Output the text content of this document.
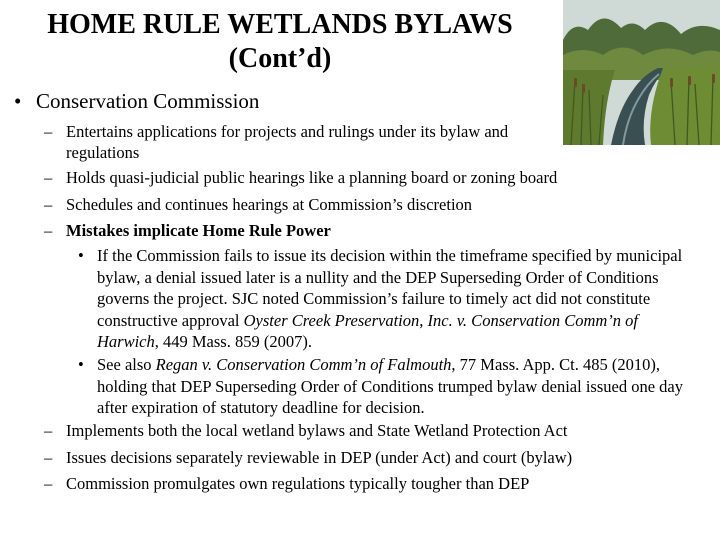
HOME RULE WETLANDS BYLAWS
(Cont’d)
• Conservation Commission
– Entertains applications for projects and rulings under its bylaw and regulations
– Holds quasi-judicial public hearings like a planning board or zoning board
– Schedules and continues hearings at Commission’s discretion
– Mistakes implicate Home Rule Power
• If the Commission fails to issue its decision within the timeframe specified by municipal bylaw, a denial issued later is a nullity and the DEP Superseding Order of Conditions governs the project. SJC noted Commission’s failure to timely act did not constitute constructive approval Oyster Creek Preservation, Inc. v. Conservation Comm’n of Harwich, 449 Mass. 859 (2007).
• See also Regan v. Conservation Comm’n of Falmouth, 77 Mass. App. Ct. 485 (2010), holding that DEP Superseding Order of Conditions trumped bylaw denial issued one day after expiration of statutory deadline for decision.
– Implements both the local wetland bylaws and State Wetland Protection Act
– Issues decisions separately reviewable in DEP (under Act) and court (bylaw)
– Commission promulgates own regulations typically tougher than DEP
